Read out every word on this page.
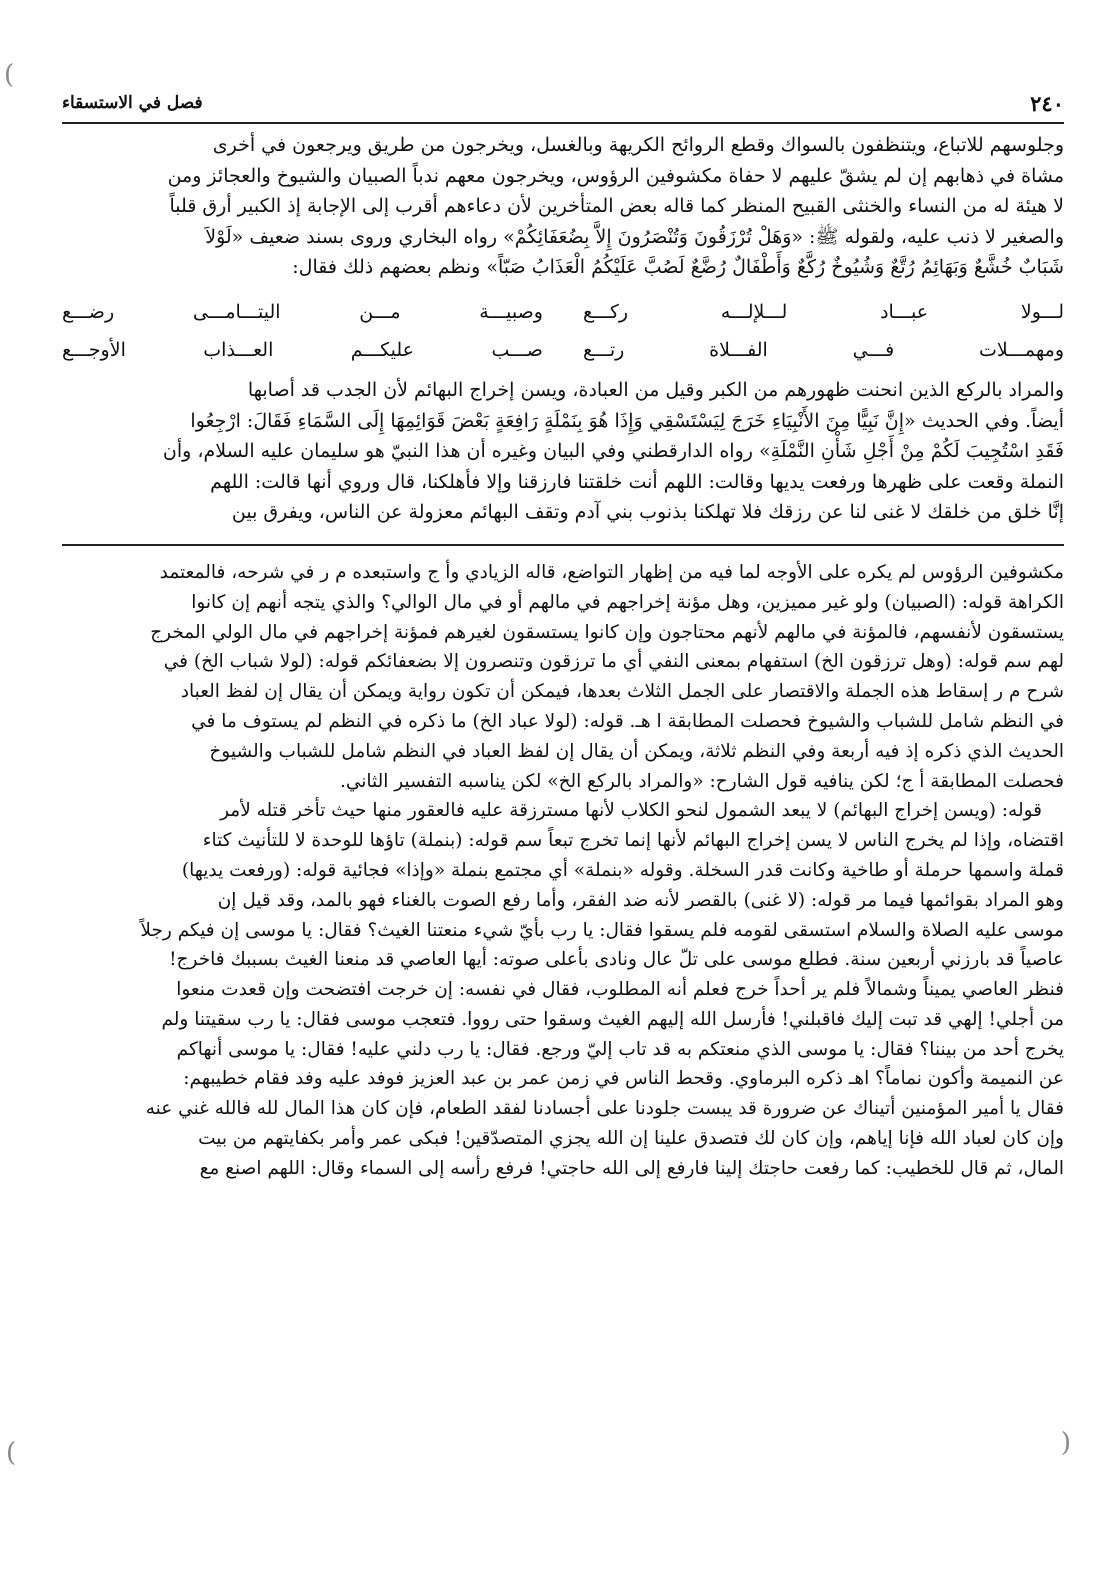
(
)
(
٢٤٠
فصل في الاستسقاء

وجلوسهم للاتباع، ويتنظفون بالسواك وقطع الروائح الكريهة وبالغسل، ويخرجون من طريق ويرجعون في أخرى

مشاة في ذهابهم إن لم يشقّ عليهم لا حفاة مكشوفين الرؤوس، ويخرجون معهم ندباً الصبيان والشيوخ والعجائز ومن

لا هيئة له من النساء والخنثى القبيح المنظر كما قاله بعض المتأخرين لأن دعاءهم أقرب إلى الإجابة إذ الكبير أرق قلباً

والصغير لا ذنب عليه، ولقوله ﷺ: «وَهَلْ تُرْزَقُونَ وَتُنْصَرُونَ إِلاَّ بِضُعَفَائِكُمْ» رواه البخاري وروى بسند ضعيف «لَوْلاَ

شَبَابٌ خُشَّعٌ وَبَهَائِمُ رُتَّعٌ وَشُيُوخٌ رُكَّعٌ وَأَطْفَالٌ رُضَّعٌ لَصُبَّ عَلَيْكُمُ الْعَذَابُ صَبّاً» ونظم بعضهم ذلك فقال:

لـــولا عبـــاد لـــلإلـــه ركـــع
وصبيـــة مـــن اليتـــامـــى رضـــع
ومهمـــلات فـــي الفـــلاة رتـــع
صـــب عليكـــم العـــذاب الأوجـــع

والمراد بالركع الذين انحنت ظهورهم من الكبر وقيل من العبادة، ويسن إخراج البهائم لأن الجدب قد أصابها

أيضاً. وفي الحديث «إِنَّ نَبِيًّا مِنَ الأَنْبِيَاءِ خَرَجَ لِيَسْتَسْقِي وَإِذَا هُوَ بِنَمْلَةٍ رَافِعَةٍ بَعْضَ قَوَائِمِهَا إِلَى السَّمَاءِ فَقَالَ: ارْجِعُوا

فَقَدِ اسْتُجِيبَ لَكُمْ مِنْ أَجْلِ شَأْنِ النَّمْلَةِ» رواه الدارقطني وفي البيان وغيره أن هذا النبيّ هو سليمان عليه السلام، وأن

النملة وقعت على ظهرها ورفعت يديها وقالت: اللهم أنت خلقتنا فارزقنا وإلا فأهلكنا، قال وروي أنها قالت: اللهم

إنَّا خلق من خلقك لا غنى لنا عن رزقك فلا تهلكنا بذنوب بني آدم وتقف البهائم معزولة عن الناس، ويفرق بين

مكشوفين الرؤوس لم يكره على الأوجه لما فيه من إظهار التواضع، قاله الزيادي وأ ج واستبعده م ر في شرحه، فالمعتمد

الكراهة قوله: (الصبيان) ولو غير مميزين، وهل مؤنة إخراجهم في مالهم أو في مال الوالي؟ والذي يتجه أنهم إن كانوا

يستسقون لأنفسهم، فالمؤنة في مالهم لأنهم محتاجون وإن كانوا يستسقون لغيرهم فمؤنة إخراجهم في مال الولي المخرج

لهم سم قوله: (وهل ترزقون الخ) استفهام بمعنى النفي أي ما ترزقون وتنصرون إلا بضعفائكم قوله: (لولا شباب الخ) في

شرح م ر إسقاط هذه الجملة والاقتصار على الجمل الثلاث بعدها، فيمكن أن تكون رواية ويمكن أن يقال إن لفظ العباد

في النظم شامل للشباب والشيوخ فحصلت المطابقة ا هـ. قوله: (لولا عباد الخ) ما ذكره في النظم لم يستوف ما في

الحديث الذي ذكره إذ فيه أربعة وفي النظم ثلاثة، ويمكن أن يقال إن لفظ العباد في النظم شامل للشباب والشيوخ

فحصلت المطابقة أ ج؛ لكن ينافيه قول الشارح: «والمراد بالركع الخ» لكن يناسبه التفسير الثاني.

قوله: (ويسن إخراج البهائم) لا يبعد الشمول لنحو الكلاب لأنها مسترزقة عليه فالعقور منها حيث تأخر قتله لأمر

اقتضاه، وإذا لم يخرج الناس لا يسن إخراج البهائم لأنها إنما تخرج تبعاً سم قوله: (بنملة) تاؤها للوحدة لا للتأنيث كتاء

قملة واسمها حرملة أو طاخية وكانت قدر السخلة. وقوله «بنملة» أي مجتمع بنملة «وإذا» فجائية قوله: (ورفعت يديها)

وهو المراد بقوائمها فيما مر قوله: (لا غنى) بالقصر لأنه ضد الفقر، وأما رفع الصوت بالغناء فهو بالمد، وقد قيل إن

موسى عليه الصلاة والسلام استسقى لقومه فلم يسقوا فقال: يا رب بأيّ شيء منعتنا الغيث؟ فقال: يا موسى إن فيكم رجلاً

عاصياً قد بارزني أربعين سنة. فطلع موسى على تلّ عال ونادى بأعلى صوته: أيها العاصي قد منعنا الغيث بسببك فاخرج!

فنظر العاصي يميناً وشمالاً فلم ير أحداً خرج فعلم أنه المطلوب، فقال في نفسه: إن خرجت افتضحت وإن قعدت منعوا

من أجلي! إلهي قد تبت إليك فاقبلني! فأرسل الله إليهم الغيث وسقوا حتى رووا. فتعجب موسى فقال: يا رب سقيتنا ولم

يخرج أحد من بيننا؟ فقال: يا موسى الذي منعتكم به قد تاب إليّ ورجع. فقال: يا رب دلني عليه! فقال: يا موسى أنهاكم

عن النميمة وأكون نماماً؟ اهـ ذكره البرماوي. وقحط الناس في زمن عمر بن عبد العزيز فوفد عليه وفد فقام خطيبهم:

فقال يا أمير المؤمنين أتيناك عن ضرورة قد يبست جلودنا على أجسادنا لفقد الطعام، فإن كان هذا المال لله فالله غني عنه

وإن كان لعباد الله فإنا إياهم، وإن كان لك فتصدق علينا إن الله يجزي المتصدّقين! فبكى عمر وأمر بكفايتهم من بيت

المال، ثم قال للخطيب: كما رفعت حاجتك إلينا فارفع إلى الله حاجتي! فرفع رأسه إلى السماء وقال: اللهم اصنع مع
